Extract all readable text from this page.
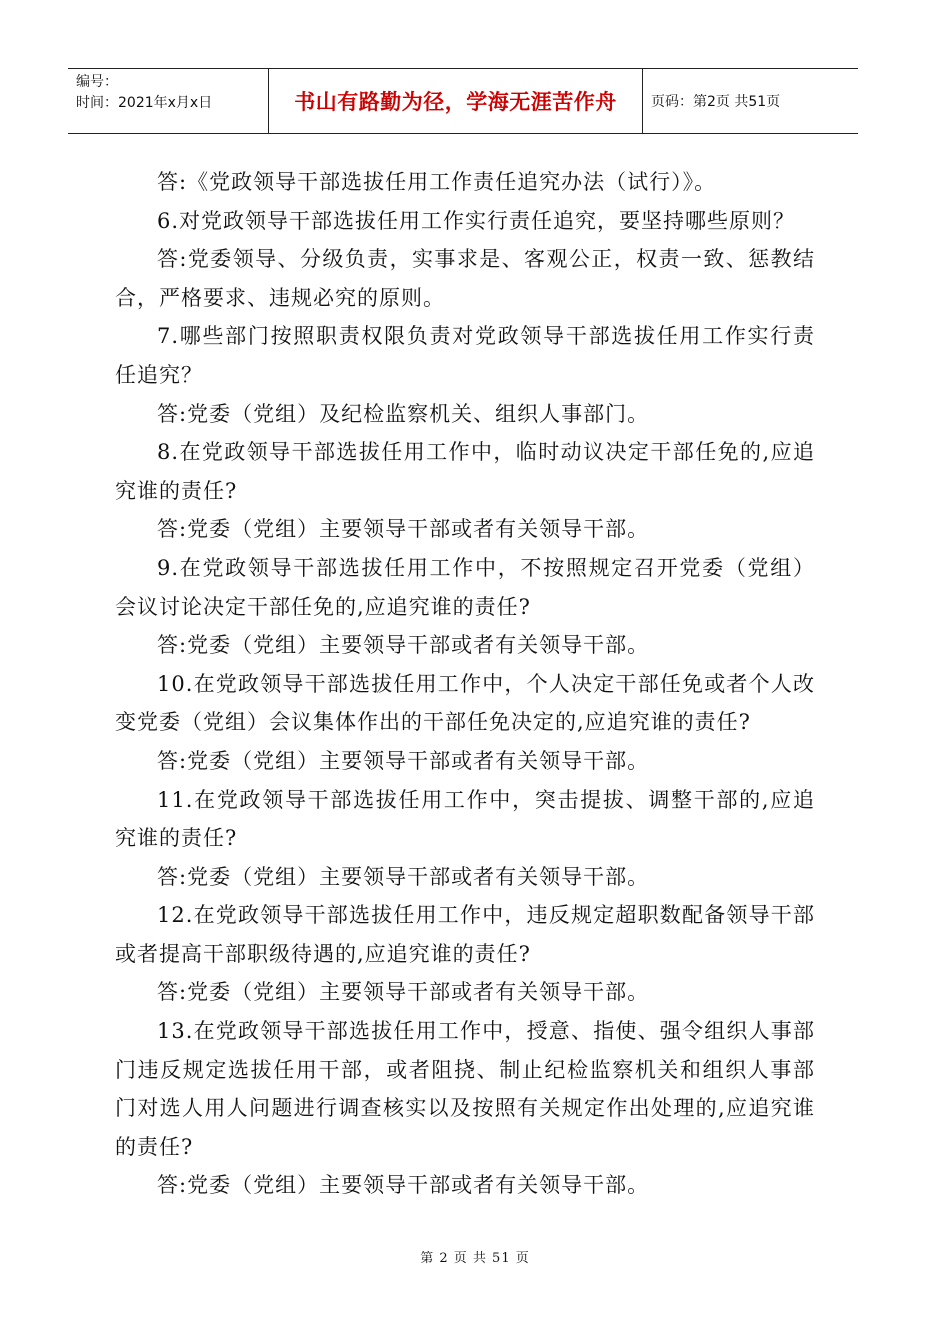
编号：
时间：2021年x月x日	书山有路勤为径，学海无涯苦作舟	页码：第2页 共51页

答:《党政领导干部选拔任用工作责任追究办法（试行）》。

6.对党政领导干部选拔任用工作实行责任追究，要坚持哪些原则？

答:党委领导、分级负责，实事求是、客观公正，权责一致、惩教结合，严格要求、违规必究的原则。

7.哪些部门按照职责权限负责对党政领导干部选拔任用工作实行责任追究？

答:党委（党组）及纪检监察机关、组织人事部门。

8.在党政领导干部选拔任用工作中，临时动议决定干部任免的,应追究谁的责任?

答:党委（党组）主要领导干部或者有关领导干部。

9.在党政领导干部选拔任用工作中，不按照规定召开党委（党组）会议讨论决定干部任免的,应追究谁的责任?

答:党委（党组）主要领导干部或者有关领导干部。

10.在党政领导干部选拔任用工作中，个人决定干部任免或者个人改变党委（党组）会议集体作出的干部任免决定的,应追究谁的责任?

答:党委（党组）主要领导干部或者有关领导干部。

11.在党政领导干部选拔任用工作中，突击提拔、调整干部的,应追究谁的责任?

答:党委（党组）主要领导干部或者有关领导干部。

12.在党政领导干部选拔任用工作中，违反规定超职数配备领导干部或者提高干部职级待遇的,应追究谁的责任?

答:党委（党组）主要领导干部或者有关领导干部。

13.在党政领导干部选拔任用工作中，授意、指使、强令组织人事部门违反规定选拔任用干部，或者阻挠、制止纪检监察机关和组织人事部门对选人用人问题进行调查核实以及按照有关规定作出处理的,应追究谁的责任?

答:党委（党组）主要领导干部或者有关领导干部。

第 2 页 共 51 页
